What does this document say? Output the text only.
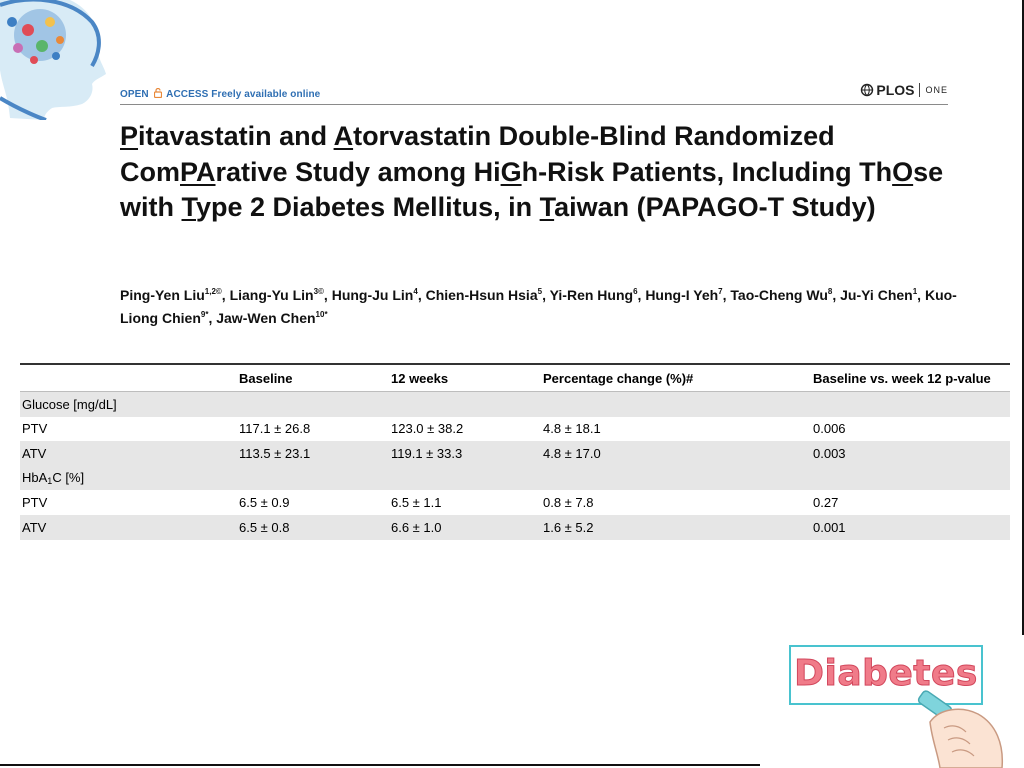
OPEN ACCESS Freely available online	PLOS ONE
Pitavastatin and Atorvastatin Double-Blind Randomized ComPArative Study among HiGh-Risk Patients, Including ThOse with Type 2 Diabetes Mellitus, in Taiwan (PAPAGO-T Study)
Ping-Yen Liu$^{1,2©}$, Liang-Yu Lin$^{3©}$, Hung-Ju Lin$^4$, Chien-Hsun Hsia$^5$, Yi-Ren Hung$^6$, Hung-I Yeh$^7$, Tao-Cheng Wu$^8$, Ju-Yi Chen$^1$, Kuo-Liong Chien$^{9*}$, Jaw-Wen Chen$^{10*}$
	Baseline	12 weeks	Percentage change (%)#	Baseline vs. week 12 p-value
Glucose [mg/dL]				
PTV	117.1 ± 26.8	123.0 ± 38.2	4.8 ± 18.1	0.006
ATV	113.5 ± 23.1	119.1 ± 33.3	4.8 ± 17.0	0.003
HbA$_1$C [%]				
PTV	6.5 ± 0.9	6.5 ± 1.1	0.8 ± 7.8	0.27
ATV	6.5 ± 0.8	6.6 ± 1.0	1.6 ± 5.2	0.001
Diabetes
